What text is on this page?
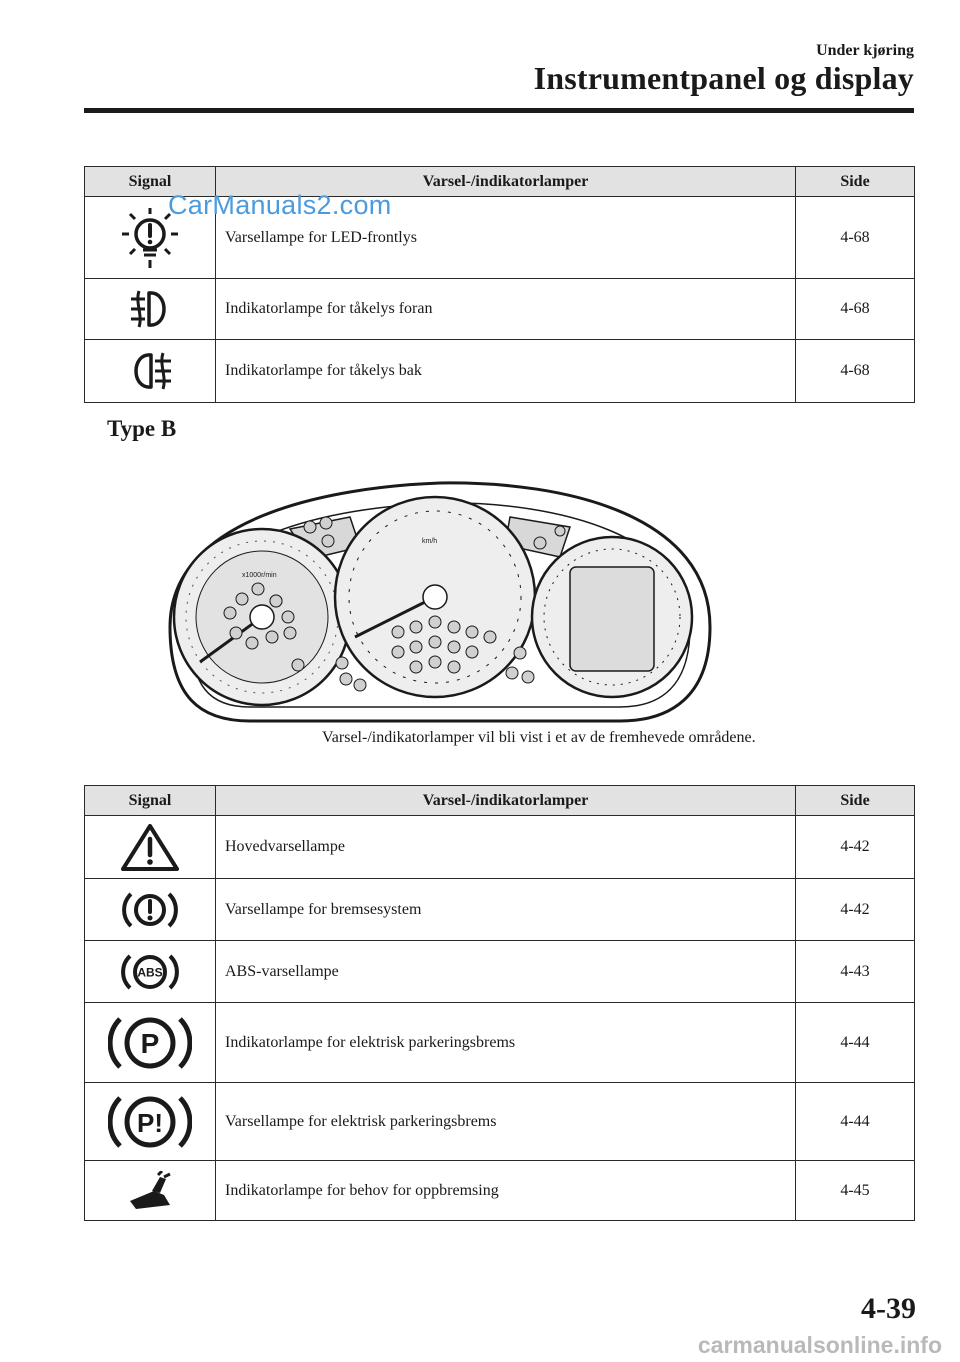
Under kjøring
Instrumentpanel og display
Signal	Varsel-/indikatorlamper	Side

	Varsellampe for LED-frontlys	4-68

	Indikatorlampe for tåkelys foran	4-68

	Indikatorlampe for tåkelys bak	4-68
CarManuals2.com
Type B
x1000r/min
km/h
Varsel-/indikatorlamper vil bli vist i et av de fremhevede områdene.
Signal	Varsel-/indikatorlamper	Side

	Hovedvarsellampe	4-42

	Varsellampe for bremsesystem	4-42

ABS	ABS-varsellampe	4-43

P	Indikatorlampe for elektrisk parkeringsbrems	4-44

P!	Varsellampe for elektrisk parkeringsbrems	4-44

	Indikatorlampe for behov for oppbremsing	4-45
4-39
carmanualsonline.info
